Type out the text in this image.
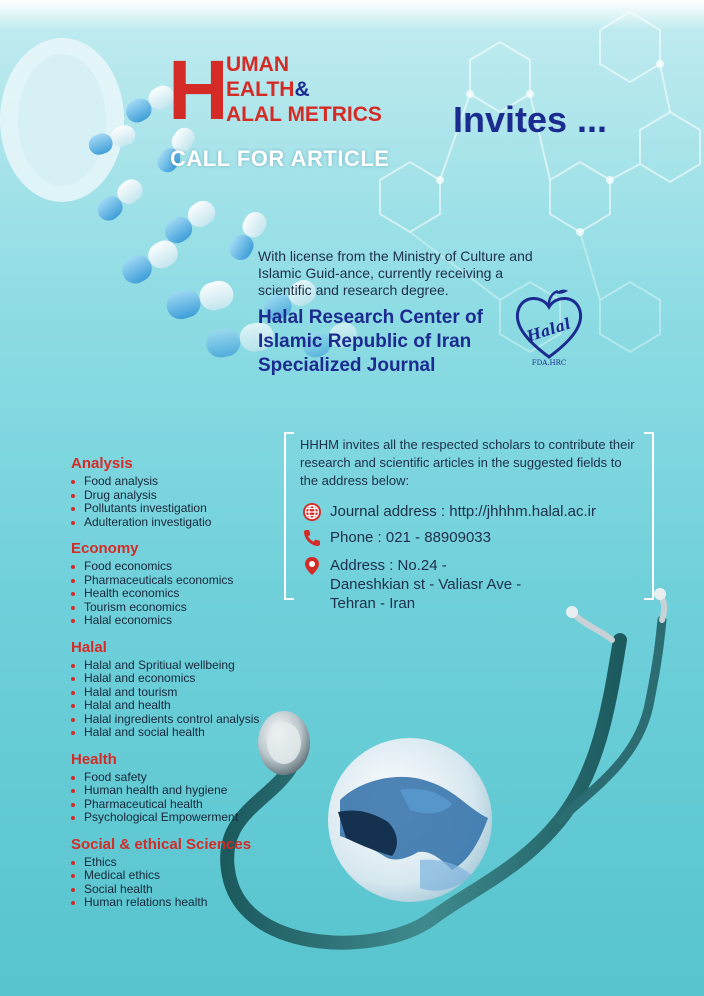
H
UMAN
EALTH&
ALAL METRICS Invites ...
CALL FOR ARTICLE
With license from the Ministry of Culture and Islamic Guid-ance, currently receiving a scientific and research degree.
Halal Research Center of Islamic Republic of Iran Specialized Journal
Halal
FDA.HRC
HHHM invites all the respected scholars to contribute their research and scientific articles in the suggested fields to the address below:
Journal address :
http://jhhhm.halal.ac.ir
Phone : 021 - 88909033
Address : No.24 - Daneshkian st - Valiasr Ave - Tehran - Iran
Analysis
Food analysis
Drug analysis
Pollutants investigation
Adulteration investigatio
Economy
Food economics
Pharmaceuticals economics
Health economics
Tourism economics
Halal economics
Halal
Halal and Spritiual wellbeing
Halal and economics
Halal and tourism
Halal and health
Halal ingredients control analysis
Halal and social health
Health
Food safety
Human health and hygiene
Pharmaceutical health
Psychological Empowerment
Social & ethical Sciences
Ethics
Medical ethics
Social health
Human relations health
